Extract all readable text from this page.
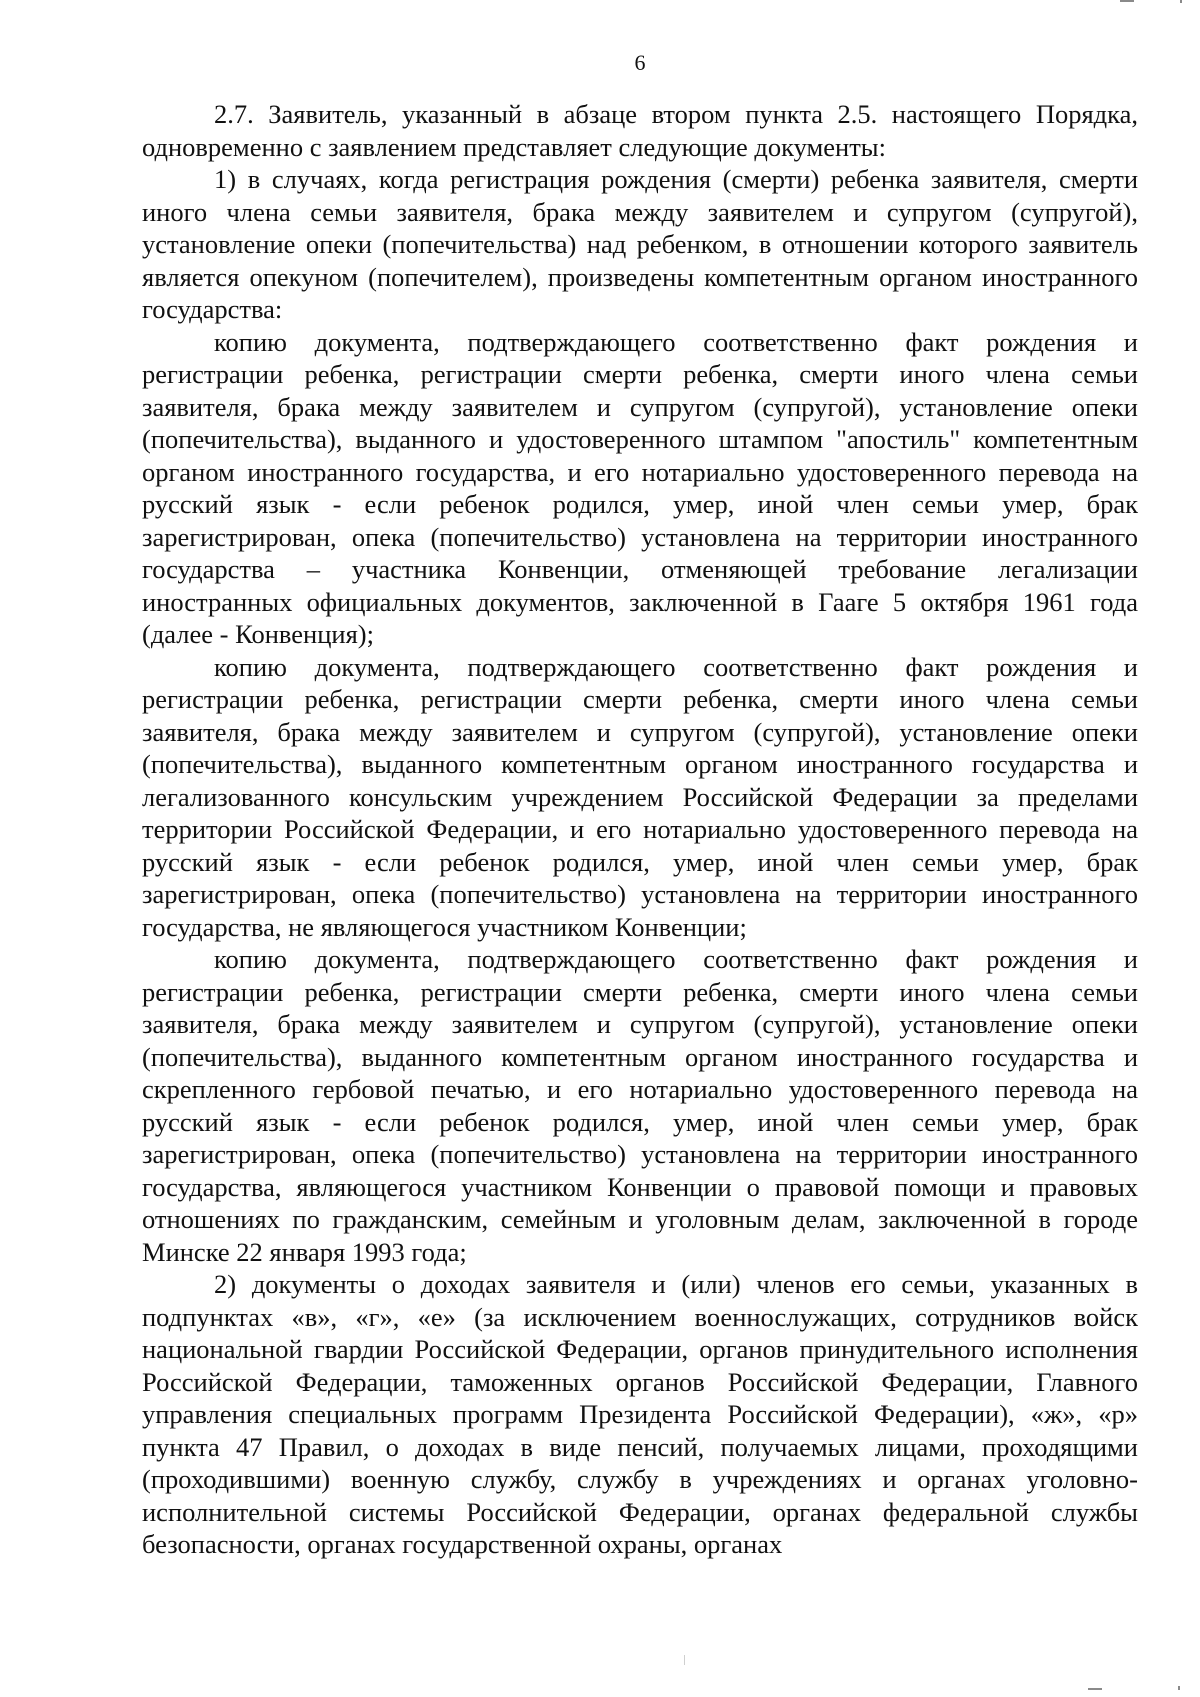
6

2.7. Заявитель, указанный в абзаце втором пункта 2.5. настоящего Порядка, одновременно с заявлением представляет следующие документы:

1) в случаях, когда регистрация рождения (смерти) ребенка заявителя, смерти иного члена семьи заявителя, брака между заявителем и супругом (супругой), установление опеки (попечительства) над ребенком, в отношении которого заявитель является опекуном (попечителем), произведены компетентным органом иностранного государства:

копию документа, подтверждающего соответственно факт рождения и регистрации ребенка, регистрации смерти ребенка, смерти иного члена семьи заявителя, брака между заявителем и супругом (супругой), установление опеки (попечительства), выданного и удостоверенного штампом "апостиль" компетентным органом иностранного государства, и его нотариально удостоверенного перевода на русский язык - если ребенок родился, умер, иной член семьи умер, брак зарегистрирован, опека (попечительство) установлена на территории иностранного государства – участника Конвенции, отменяющей требование легализации иностранных официальных документов, заключенной в Гааге 5 октября 1961 года (далее - Конвенция);

копию документа, подтверждающего соответственно факт рождения и регистрации ребенка, регистрации смерти ребенка, смерти иного члена семьи заявителя, брака между заявителем и супругом (супругой), установление опеки (попечительства), выданного компетентным органом иностранного государства и легализованного консульским учреждением Российской Федерации за пределами территории Российской Федерации, и его нотариально удостоверенного перевода на русский язык - если ребенок родился, умер, иной член семьи умер, брак зарегистрирован, опека (попечительство) установлена на территории иностранного государства, не являющегося участником Конвенции;

копию документа, подтверждающего соответственно факт рождения и регистрации ребенка, регистрации смерти ребенка, смерти иного члена семьи заявителя, брака между заявителем и супругом (супругой), установление опеки (попечительства), выданного компетентным органом иностранного государства и скрепленного гербовой печатью, и его нотариально удостоверенного перевода на русский язык - если ребенок родился, умер, иной член семьи умер, брак зарегистрирован, опека (попечительство) установлена на территории иностранного государства, являющегося участником Конвенции о правовой помощи и правовых отношениях по гражданским, семейным и уголовным делам, заключенной в городе Минске 22 января 1993 года;

2) документы о доходах заявителя и (или) членов его семьи, указанных в подпунктах «в», «г», «е» (за исключением военнослужащих, сотрудников войск национальной гвардии Российской Федерации, органов принудительного исполнения Российской Федерации, таможенных органов Российской Федерации, Главного управления специальных программ Президента Российской Федерации), «ж», «р» пункта 47 Правил, о доходах в виде пенсий, получаемых лицами, проходящими (проходившими) военную службу, службу в учреждениях и органах уголовно-исполнительной системы Российской Федерации, органах федеральной службы безопасности, органах государственной охраны, органах
